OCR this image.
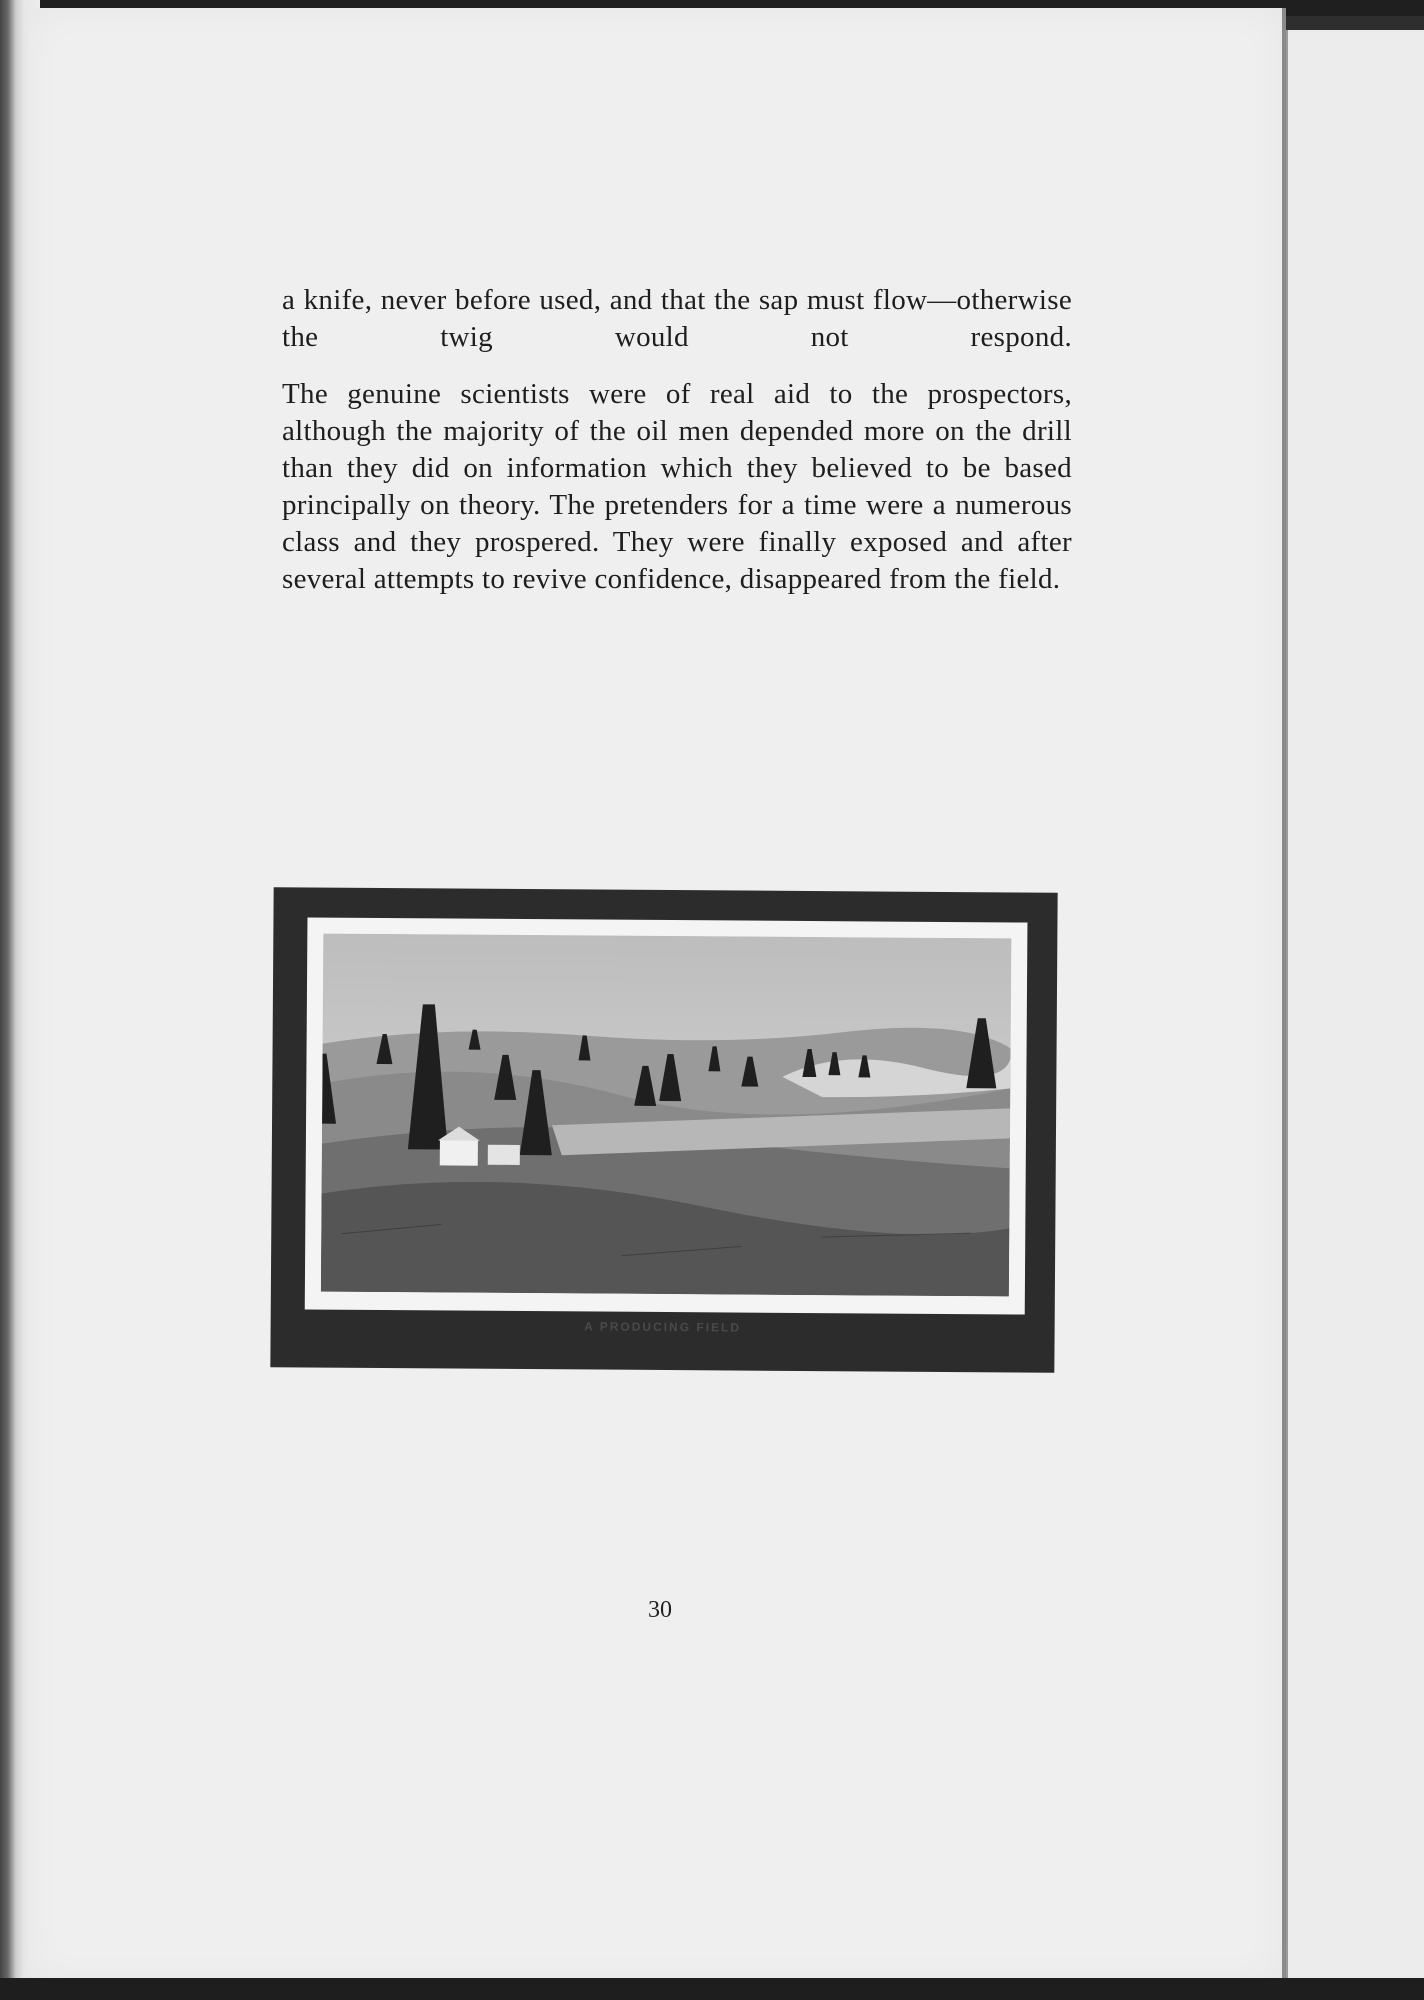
a knife, never before used, and that the sap must flow—otherwise the twig would not respond.

The genuine scientists were of real aid to the prospectors, although the majority of the oil men depended more on the drill than they did on information which they believed to be based principally on theory. The pretenders for a time were a numerous class and they prospered. They were finally exposed and after several attempts to revive confidence, disappeared from the field.

A PRODUCING FIELD
30
